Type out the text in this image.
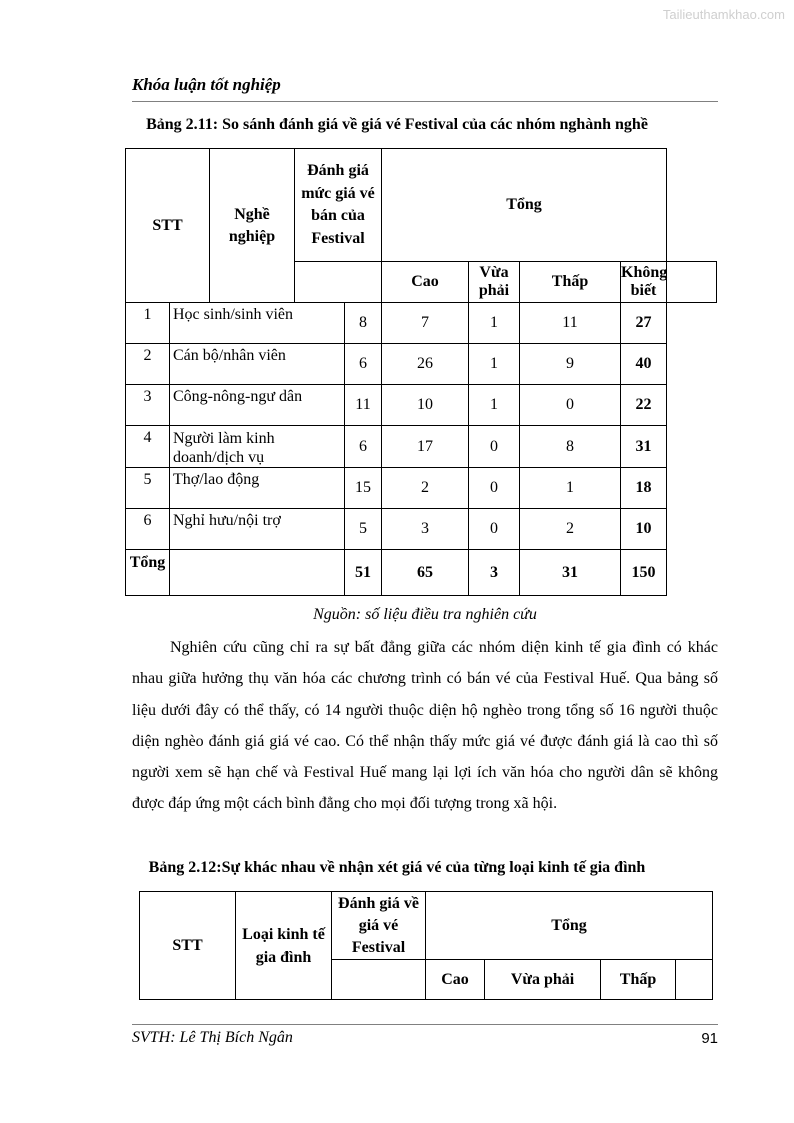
Tailieuthamkhao.com
Khóa luận tốt nghiệp
Bảng 2.11: So sánh đánh giá về giá vé Festival của các nhóm nghành nghề
STT		Nghề nghiệp	Đánh giá mức giá vé bán của Festival		Tổng				
					Cao	Vừa phải	Thấp	Không biết	
1	Học sinh/sinh viên			8	7	1	11	27	
2	Cán bộ/nhân viên			6	26	1	9	40	
3	Công-nông-ngư dân			11	10	1	0	22	
4	Người làm kinh doanh/dịch vụ			6	17	0	8	31	
5	Thợ/lao động			15	2	0	1	18	
6	Nghỉ hưu/nội trợ			5	3	0	2	10	
Tổng				51	65	3	31	150	
Nguồn: số liệu điều tra nghiên cứu

Nghiên cứu cũng chỉ ra sự bất đẳng giữa các nhóm diện kinh tế gia đình có khác nhau giữa hưởng thụ văn hóa các chương trình có bán vé của Festival Huế. Qua bảng số liệu dưới đây có thể thấy, có 14 người thuộc diện hộ nghèo trong tổng số 16 người thuộc diện nghèo đánh giá giá vé cao. Có thể nhận thấy mức giá vé được đánh giá là cao thì số người xem sẽ hạn chế và Festival Huế mang lại lợi ích văn hóa cho người dân sẽ không được đáp ứng một cách bình đẳng cho mọi đối tượng trong xã hội.

Bảng 2.12:Sự khác nhau về nhận xét giá vé của từng loại kinh tế gia đình
STT	Loại kinh tế gia đình	Đánh giá về giá vé Festival	Tổng			
			Cao	Vừa phải	Thấp	
SVTH: Lê Thị Bích Ngân	91
